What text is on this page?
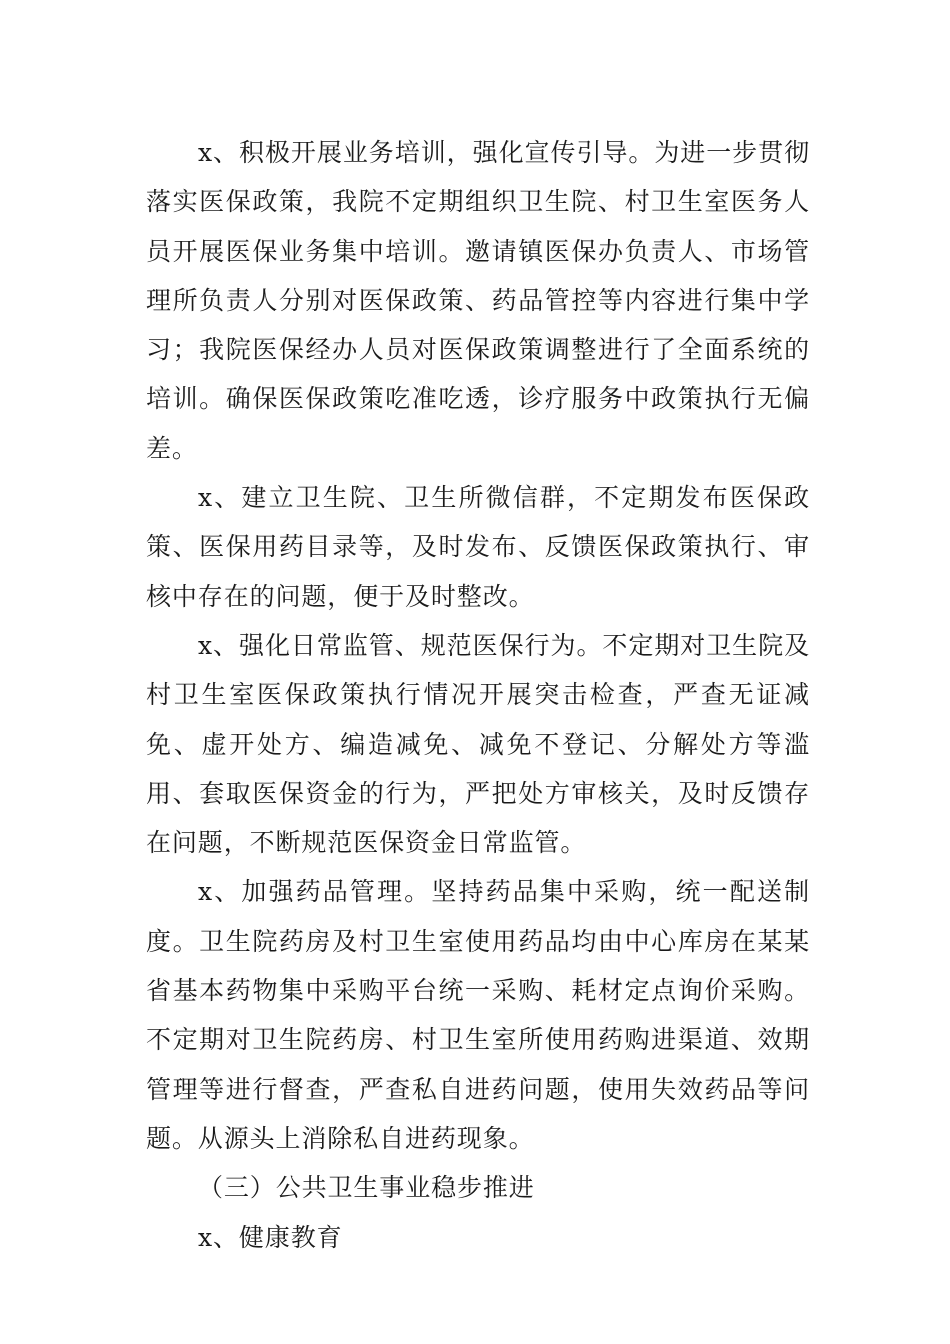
x、积极开展业务培训，强化宣传引导。为进一步贯彻落实医保政策，我院不定期组织卫生院、村卫生室医务人员开展医保业务集中培训。邀请镇医保办负责人、市场管理所负责人分别对医保政策、药品管控等内容进行集中学习；我院医保经办人员对医保政策调整进行了全面系统的培训。确保医保政策吃准吃透，诊疗服务中政策执行无偏差。

x、建立卫生院、卫生所微信群，不定期发布医保政策、医保用药目录等，及时发布、反馈医保政策执行、审核中存在的问题，便于及时整改。

x、强化日常监管、规范医保行为。不定期对卫生院及村卫生室医保政策执行情况开展突击检查，严查无证减免、虚开处方、编造减免、减免不登记、分解处方等滥用、套取医保资金的行为，严把处方审核关，及时反馈存在问题，不断规范医保资金日常监管。

x、加强药品管理。坚持药品集中采购，统一配送制度。卫生院药房及村卫生室使用药品均由中心库房在某某省基本药物集中采购平台统一采购、耗材定点询价采购。不定期对卫生院药房、村卫生室所使用药购进渠道、效期管理等进行督查，严查私自进药问题，使用失效药品等问题。从源头上消除私自进药现象。

（三）公共卫生事业稳步推进

x、健康教育
